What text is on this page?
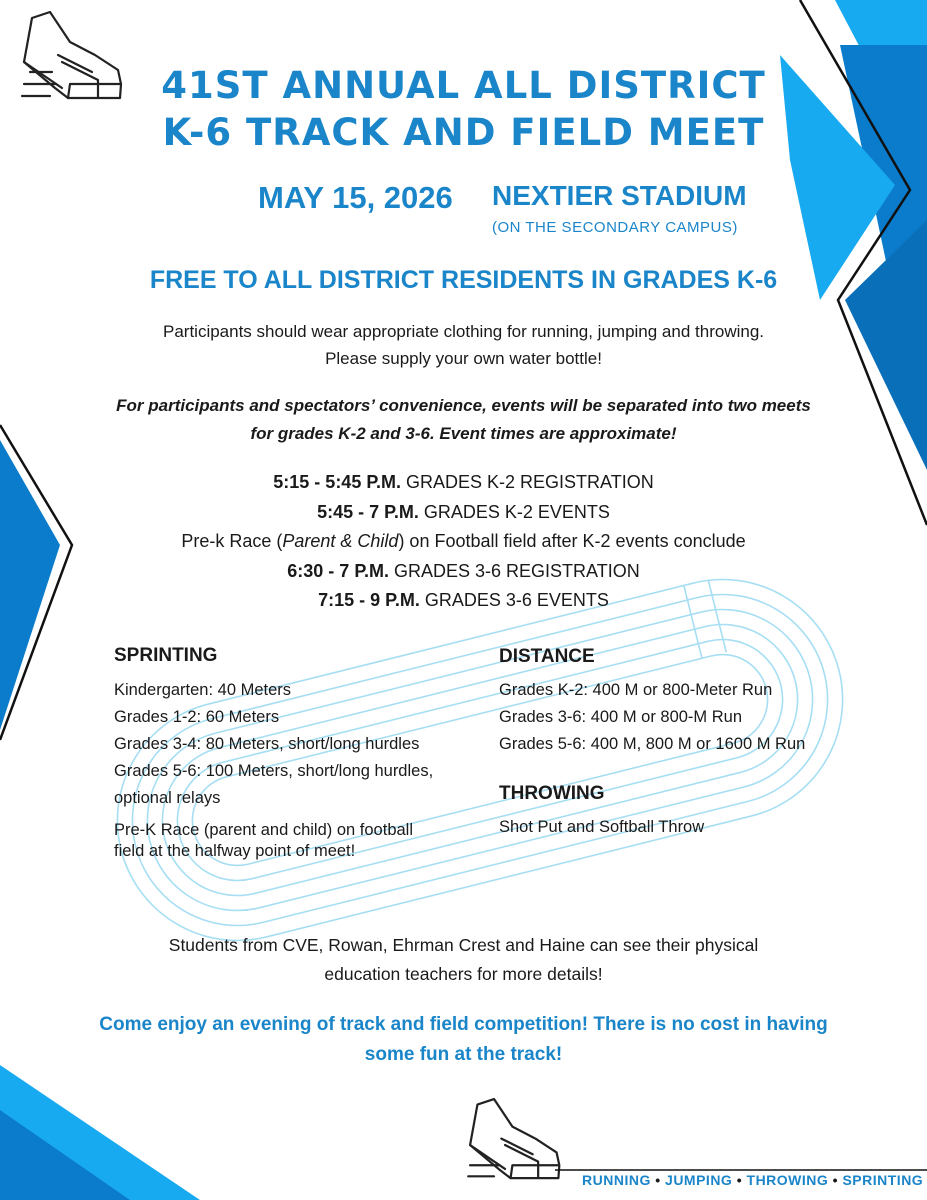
41ST ANNUAL ALL DISTRICT
K-6 TRACK AND FIELD MEET
MAY 15, 2026 NEXTIER STADIUM
(ON THE SECONDARY CAMPUS)
FREE TO ALL DISTRICT RESIDENTS IN GRADES K-6
Participants should wear appropriate clothing for running, jumping and throwing.
Please supply your own water bottle!
For participants and spectators’ convenience, events will be separated into two meets
for grades K-2 and 3-6. Event times are approximate!
5:15 - 5:45 P.M. GRADES K-2 REGISTRATION
5:45 - 7 P.M. GRADES K-2 EVENTS
Pre-k Race (Parent & Child) on Football field after K-2 events conclude
6:30 - 7 P.M. GRADES 3-6 REGISTRATION
7:15 - 9 P.M. GRADES 3-6 EVENTS
SPRINTING
Kindergarten: 40 Meters
Grades 1-2: 60 Meters
Grades 3-4: 80 Meters, short/long hurdles
Grades 5-6: 100 Meters, short/long hurdles,
optional relays
Pre-K Race (parent and child) on football
field at the halfway point of meet!
DISTANCE
Grades K-2: 400 M or 800-Meter Run
Grades 3-6: 400 M or 800-M Run
Grades 5-6: 400 M, 800 M or 1600 M Run
THROWING
Shot Put and Softball Throw
Students from CVE, Rowan, Ehrman Crest and Haine can see their physical
education teachers for more details!
Come enjoy an evening of track and field competition! There is no cost in having
some fun at the track!
RUNNING • JUMPING • THROWING • SPRINTING
